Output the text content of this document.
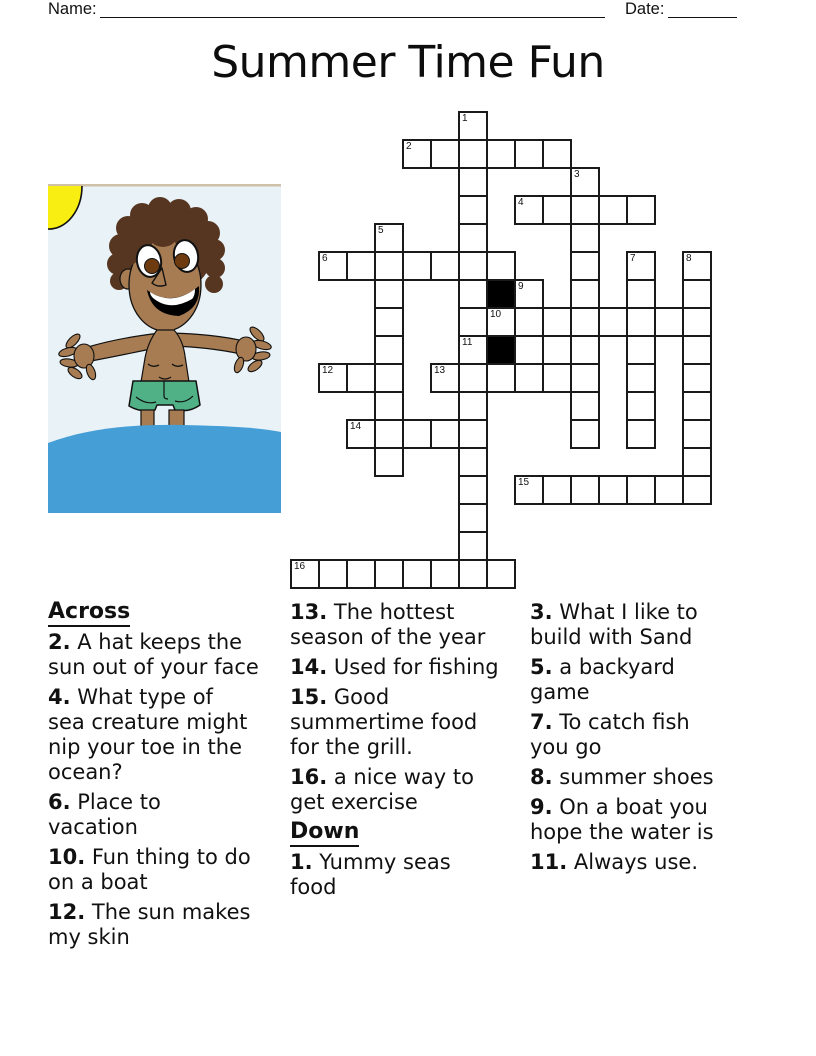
Name:	Date:
Summer Time Fun
1
2
3
4
5
6	7	8
9
10
11
12	13
14
15
16
Across

2. A hat keeps the
sun out of your face

4. What type of
sea creature might
nip your toe in the
ocean?

6. Place to
vacation

10. Fun thing to do
on a boat

12. The sun makes
my skin

13. The hottest
season of the year

14. Used for fishing

15. Good
summertime food
for the grill.

16. a nice way to
get exercise

Down

1. Yummy seas
food

3. What I like to
build with Sand

5. a backyard
game

7. To catch fish
you go

8. summer shoes

9. On a boat you
hope the water is

11. Always use.
